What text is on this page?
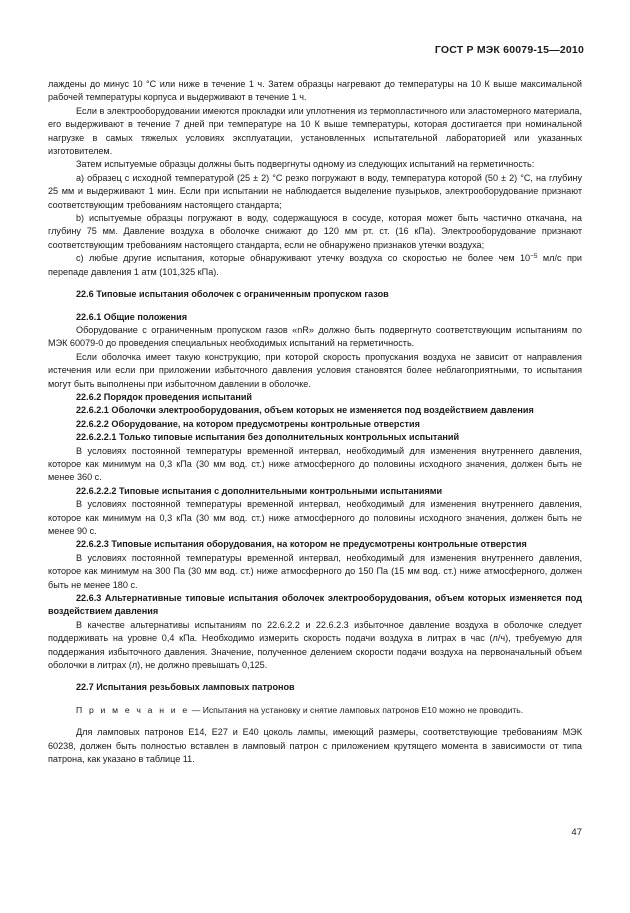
ГОСТ Р МЭК 60079-15—2010

лаждены до минус 10 °C или ниже в течение 1 ч. Затем образцы нагревают до температуры на 10 К выше максимальной рабочей температуры корпуса и выдерживают в течение 1 ч.

Если в электрооборудовании имеются прокладки или уплотнения из термопластичного или эластомерного материала, его выдерживают в течение 7 дней при температуре на 10 К выше температуры, которая достигается при номинальной нагрузке в самых тяжелых условиях эксплуатации, установленных испытательной лабораторией или указанных изготовителем.

Затем испытуемые образцы должны быть подвергнуты одному из следующих испытаний на герметичность:

а) образец с исходной температурой (25 ± 2) °С резко погружают в воду, температура которой (50 ± 2) °С, на глубину 25 мм и выдерживают 1 мин. Если при испытании не наблюдается выделение пузырьков, электрооборудование признают соответствующим требованиям настоящего стандарта;

b) испытуемые образцы погружают в воду, содержащуюся в сосуде, которая может быть частично откачана, на глубину 75 мм. Давление воздуха в оболочке снижают до 120 мм рт. ст. (16 кПа). Электрооборудование признают соответствующим требованиям настоящего стандарта, если не обнаружено признаков утечки воздуха;

с) любые другие испытания, которые обнаруживают утечку воздуха со скоростью не более чем $10^{-5}$ мл/с при перепаде давления 1 атм (101,325 кПа).

22.6 Типовые испытания оболочек с ограниченным пропуском газов

22.6.1 Общие положения

Оборудование с ограниченным пропуском газов «nR» должно быть подвергнуто соответствующим испытаниям по МЭК 60079-0 до проведения специальных необходимых испытаний на герметичность.

Если оболочка имеет такую конструкцию, при которой скорость пропускания воздуха не зависит от направления истечения или если при приложении избыточного давления условия становятся более неблагоприятными, то испытания могут быть выполнены при избыточном давлении в оболочке.

22.6.2 Порядок проведения испытаний

22.6.2.1 Оболочки электрооборудования, объем которых не изменяется под воздействием давления

22.6.2.2 Оборудование, на котором предусмотрены контрольные отверстия

22.6.2.2.1 Только типовые испытания без дополнительных контрольных испытаний

В условиях постоянной температуры временной интервал, необходимый для изменения внутреннего давления, которое как минимум на 0,3 кПа (30 мм вод. ст.) ниже атмосферного до половины исходного значения, должен быть не менее 360 с.

22.6.2.2.2 Типовые испытания с дополнительными контрольными испытаниями

В условиях постоянной температуры временной интервал, необходимый для изменения внутреннего давления, которое как минимум на 0,3 кПа (30 мм вод. ст.) ниже атмосферного до половины исходного значения, должен быть не менее 90 с.

22.6.2.3 Типовые испытания оборудования, на котором не предусмотрены контрольные отверстия

В условиях постоянной температуры временной интервал, необходимый для изменения внутреннего давления, которое как минимум на 300 Па (30 мм вод. ст.) ниже атмосферного до 150 Па (15 мм вод. ст.) ниже атмосферного, должен быть не менее 180 с.

22.6.3 Альтернативные типовые испытания оболочек электрооборудования, объем которых изменяется под воздействием давления

В качестве альтернативы испытаниям по 22.6.2.2 и 22.6.2.3 избыточное давление воздуха в оболочке следует поддерживать на уровне 0,4 кПа. Необходимо измерить скорость подачи воздуха в литрах в час (л/ч), требуемую для поддержания избыточного давления. Значение, полученное делением скорости подачи воздуха на первоначальный объем оболочки в литрах (л), не должно превышать 0,125.

22.7 Испытания резьбовых ламповых патронов

П р и м е ч а н и е — Испытания на установку и снятие ламповых патронов Е10 можно не проводить.

Для ламповых патронов Е14, Е27 и Е40 цоколь лампы, имеющий размеры, соответствующие требованиям МЭК 60238, должен быть полностью вставлен в ламповый патрон с приложением крутящего момента в зависимости от типа патрона, как указано в таблице 11.

47
